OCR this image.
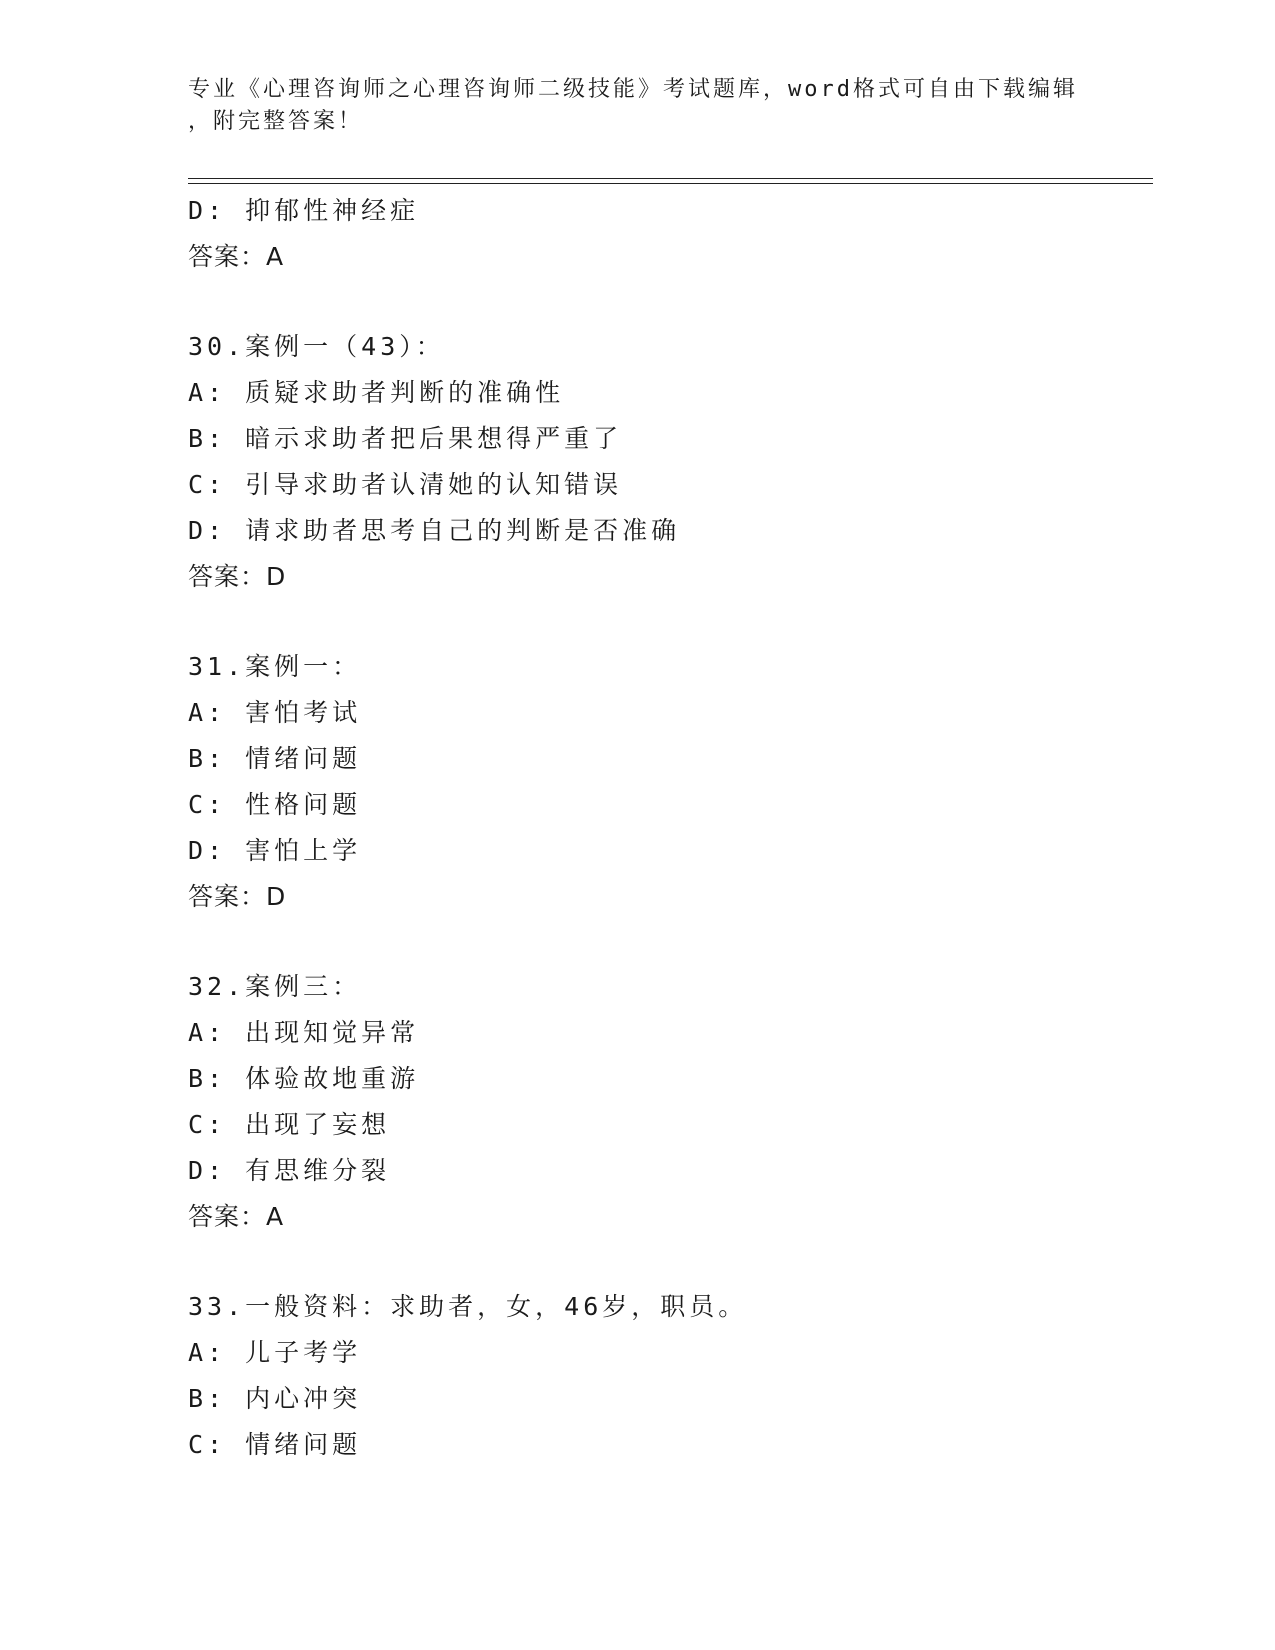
专业《心理咨询师之心理咨询师二级技能》考试题库，word格式可自由下载编辑
，附完整答案！
D: 抑郁性神经症
答案：A
30.案例一（43）：
A: 质疑求助者判断的准确性
B: 暗示求助者把后果想得严重了
C: 引导求助者认清她的认知错误
D: 请求助者思考自己的判断是否准确
答案：D
31.案例一：
A: 害怕考试
B: 情绪问题
C: 性格问题
D: 害怕上学
答案：D
32.案例三：
A: 出现知觉异常
B: 体验故地重游
C: 出现了妄想
D: 有思维分裂
答案：A
33.一般资料：求助者，女，46岁，职员。
A: 儿子考学
B: 内心冲突
C: 情绪问题
